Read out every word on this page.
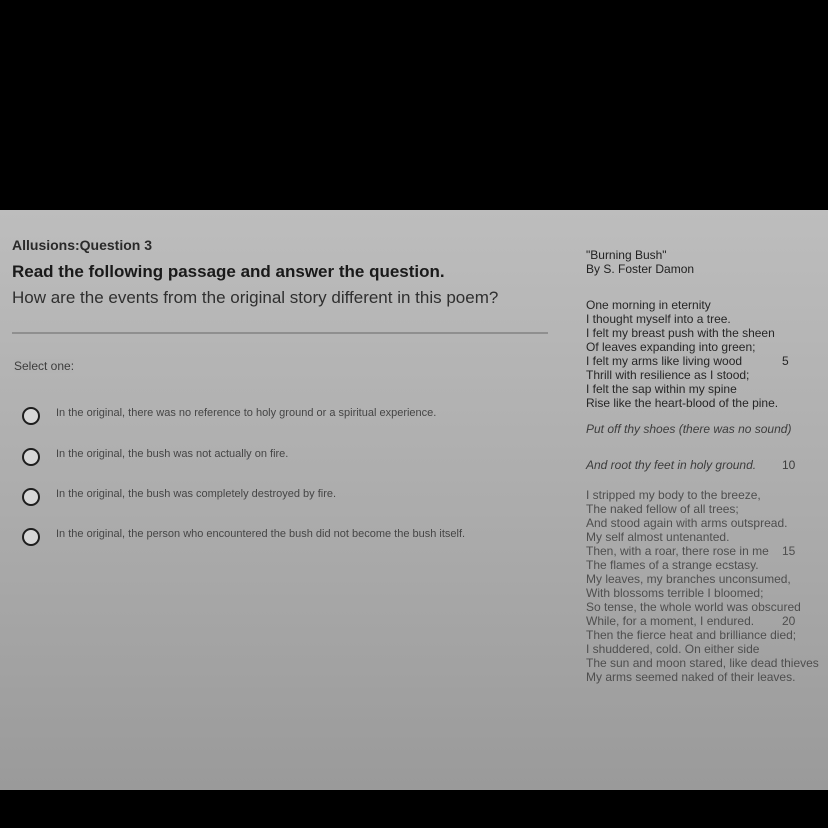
Allusions:Question 3
Read the following passage and answer the question.
How are the events from the original story different in this poem?
Select one:
In the original, there was no reference to holy ground or a spiritual experience.
In the original, the bush was not actually on fire.
In the original, the bush was completely destroyed by fire.
In the original, the person who encountered the bush did not become the bush itself.
"Burning Bush"
By S. Foster Damon
One morning in eternity
I thought myself into a tree.
I felt my breast push with the sheen
Of leaves expanding into green;
I felt my arms like living wood	5
Thrill with resilience as I stood;
I felt the sap within my spine
Rise like the heart-blood of the pine.
Put off thy shoes (there was no sound)
And root thy feet in holy ground. 10
I stripped my body to the breeze,
The naked fellow of all trees;
And stood again with arms outspread.
My self almost untenanted.
Then, with a roar, there rose in me 15
The flames of a strange ecstasy.
My leaves, my branches unconsumed,
With blossoms terrible I bloomed;
So tense, the whole world was obscured
While, for a moment, I endured. 20
Then the fierce heat and brilliance died;
I shuddered, cold. On either side
The sun and moon stared, like dead thieves
My arms seemed naked of their leaves.
